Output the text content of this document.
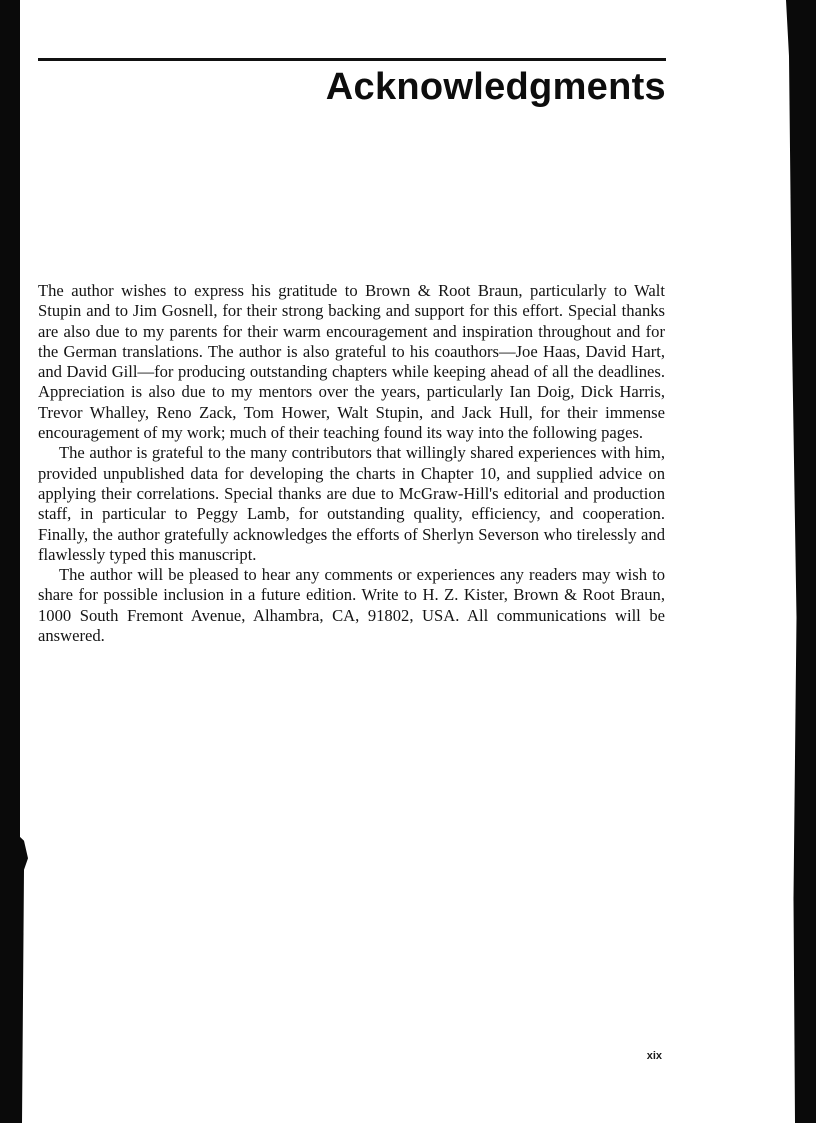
Acknowledgments

The author wishes to express his gratitude to Brown & Root Braun, particularly to Walt Stupin and to Jim Gosnell, for their strong backing and support for this effort. Special thanks are also due to my parents for their warm encouragement and inspiration throughout and for the German translations. The author is also grateful to his coauthors—Joe Haas, David Hart, and David Gill—for producing outstanding chapters while keeping ahead of all the deadlines. Appreciation is also due to my mentors over the years, particularly Ian Doig, Dick Harris, Trevor Whalley, Reno Zack, Tom Hower, Walt Stupin, and Jack Hull, for their immense encouragement of my work; much of their teaching found its way into the following pages.

The author is grateful to the many contributors that willingly shared experiences with him, provided unpublished data for developing the charts in Chapter 10, and supplied advice on applying their correlations. Special thanks are due to McGraw-Hill's editorial and production staff, in particular to Peggy Lamb, for outstanding quality, efficiency, and cooperation. Finally, the author gratefully acknowledges the efforts of Sherlyn Severson who tirelessly and flawlessly typed this manuscript.

The author will be pleased to hear any comments or experiences any readers may wish to share for possible inclusion in a future edition. Write to H. Z. Kister, Brown & Root Braun, 1000 South Fremont Avenue, Alhambra, CA, 91802, USA. All communications will be answered.

xix
